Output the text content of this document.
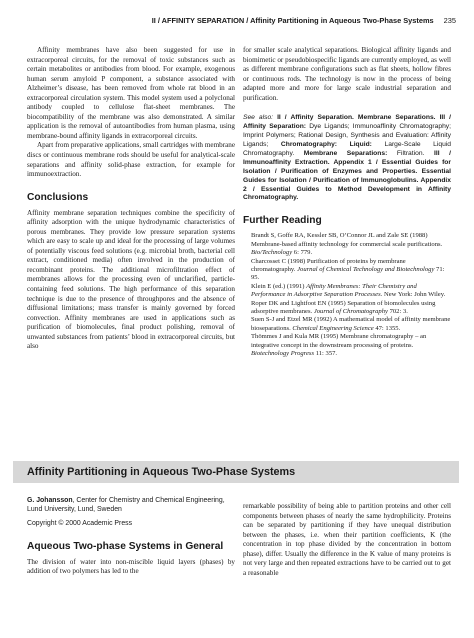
II / AFFINITY SEPARATION / Affinity Partitioning in Aqueous Two-Phase Systems 235

Affinity membranes have also been suggested for use in extracorporeal circuits, for the removal of toxic substances such as certain metabolites or antibodies from blood. For example, exogenous human serum amyloid P component, a substance associated with Alzheimer’s disease, has been removed from whole rat blood in an extracorporeal circulation system. This model system used a polyclonal antibody coupled to cellulose flat-sheet membranes. The biocompatibility of the membrane was also demonstrated. A similar application is the removal of autoantibodies from human plasma, using membrane-bound affinity ligands in extracorporeal circuits.

Apart from preparative applications, small cartridges with membrane discs or continuous membrane rods should be useful for analytical-scale separations and affinity solid-phase extraction, for example for immunoextraction.

Conclusions

Affinity membrane separation techniques combine the specificity of affinity adsorption with the unique hydrodynamic characteristics of porous membranes. They provide low pressure separation systems which are easy to scale up and ideal for the processing of large volumes of potentially viscous feed solutions (e.g. microbial broth, bacterial cell extract, conditioned media) often involved in the production of recombinant proteins. The additional microfiltration effect of membranes allows for the processing even of unclarified, particle-containing feed solutions. The high performance of this separation technique is due to the presence of throughpores and the absence of diffusional limitations; mass transfer is mainly governed by forced convection. Affinity membranes are used in applications such as purification of biomolecules, final product polishing, removal of unwanted substances from patients’ blood in extracorporeal circuits, but also

for smaller scale analytical separations. Biological affinity ligands and biomimetic or pseudobiospecific ligands are currently employed, as well as different membrane configurations such as flat sheets, hollow fibres or continuous rods. The technology is now in the process of being adapted more and more for large scale industrial separation and purification.

See also: II / Affinity Separation. Membrane Separations. III / Affinity Separation: Dye Ligands; Immunoaffinity Chromatography; Imprint Polymers; Rational Design, Synthesis and Evaluation: Affinity Ligands; Chromatography: Liquid: Large-Scale Liquid Chromatography. Membrane Separations: Filtration. III / Immunoaffinity Extraction. Appendix 1 / Essential Guides for Isolation / Purification of Enzymes and Properties. Essential Guides for Isolation / Purification of Immunoglobulins. Appendix 2 / Essential Guides to Method Development in Affinity Chromatography.
Further Reading

Brandt S, Goffe RA, Kessler SB, O’Connor JL and Zale SE (1988) Membrane-based affinity technology for commercial scale purifications. Bio/Technology 6: 779.

Charcosset C (1998) Purification of proteins by membrane chromatography. Journal of Chemical Technology and Biotechnology 71: 95.

Klein E (ed.) (1991) Affinity Membranes: Their Chemistry and Performance in Adsorptive Separation Processes. New York: John Wiley.

Roper DK and Lightfoot EN (1995) Separation of biomolecules using adsorptive membranes. Journal of Chromatography 702: 3.

Suen S-J and Etzel MR (1992) A mathematical model of affinity membrane bioseparations. Chemical Engineering Science 47: 1355.

Thömmes J and Kula MR (1995) Membrane chromatography – an integrative concept in the downstream processing of proteins. Biotechnology Progress 11: 357.

Affinity Partitioning in Aqueous Two-Phase Systems
G. Johansson, Center for Chemistry and Chemical Engineering, Lund University, Lund, Sweden
Copyright © 2000 Academic Press
Aqueous Two-phase Systems in General

The division of water into non-miscible liquid layers (phases) by addition of two polymers has led to the

remarkable possibility of being able to partition proteins and other cell components between phases of nearly the same hydrophilicity. Proteins can be separated by partitioning if they have unequal distribution between the phases, i.e. when their partition coefficients, K (the concentration in top phase divided by the concentration in bottom phase), differ. Usually the difference in the K value of many proteins is not very large and then repeated extractions have to be carried out to get a reasonable
